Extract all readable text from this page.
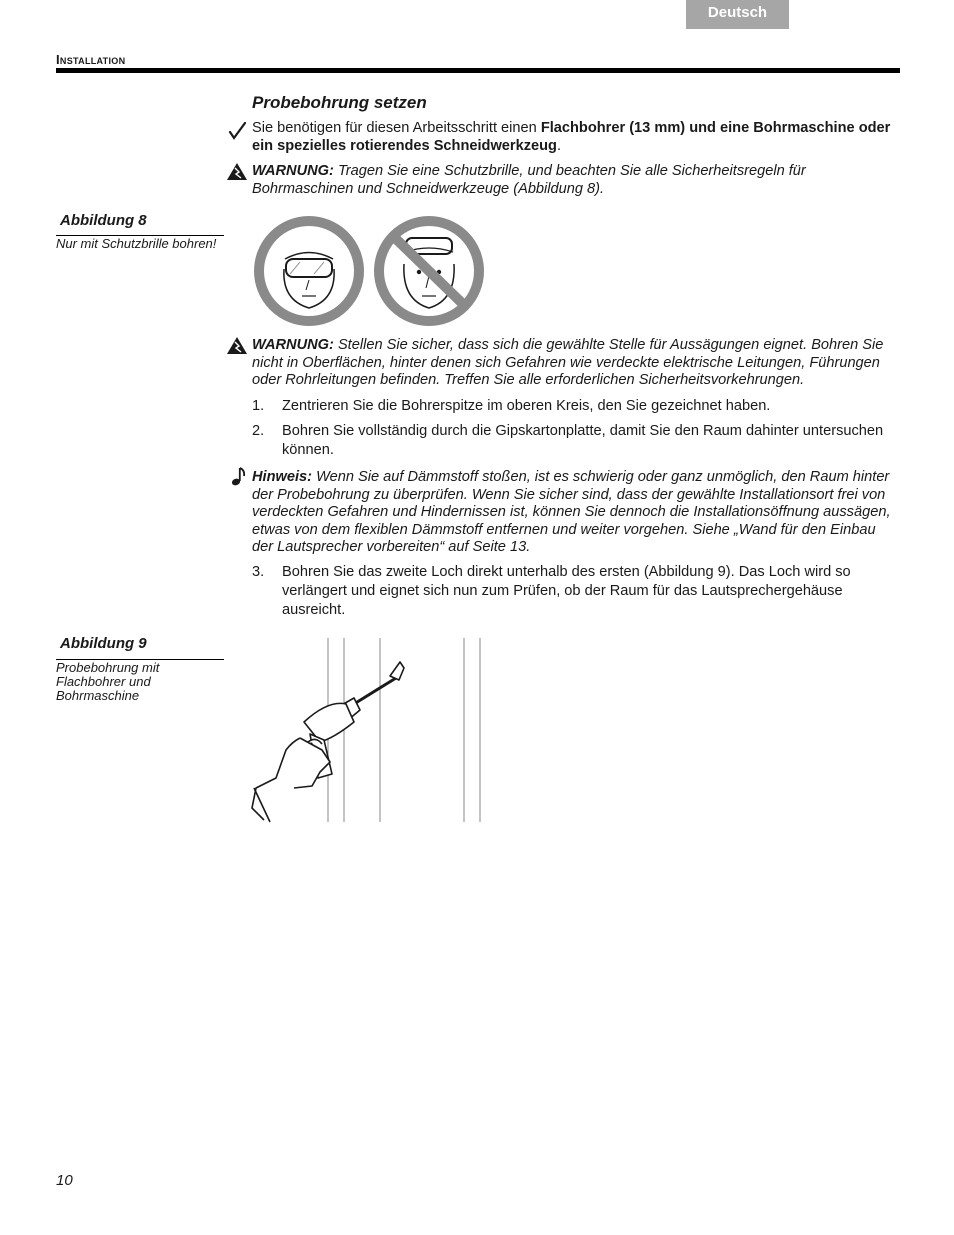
Deutsch
Installation
Probebohrung setzen
Sie benötigen für diesen Arbeitsschritt einen Flachbohrer (13 mm) und eine Bohrmaschine oder ein spezielles rotierendes Schneidwerkzeug.
WARNUNG: Tragen Sie eine Schutzbrille, und beachten Sie alle Sicherheitsregeln für Bohrmaschinen und Schneidwerkzeuge (Abbildung 8).
Abbildung 8
Nur mit Schutzbrille bohren!
WARNUNG: Stellen Sie sicher, dass sich die gewählte Stelle für Aussägungen eignet. Bohren Sie nicht in Oberflächen, hinter denen sich Gefahren wie verdeckte elektrische Leitungen, Führungen oder Rohrleitungen befinden. Treffen Sie alle erforderlichen Sicherheitsvorkehrungen.
1.	Zentrieren Sie die Bohrerspitze im oberen Kreis, den Sie gezeichnet haben.
2.	Bohren Sie vollständig durch die Gipskartonplatte, damit Sie den Raum dahinter untersuchen können.
Hinweis: Wenn Sie auf Dämmstoff stoßen, ist es schwierig oder ganz unmöglich, den Raum hinter der Probebohrung zu überprüfen. Wenn Sie sicher sind, dass der gewählte Installationsort frei von verdeckten Gefahren und Hindernissen ist, können Sie dennoch die Installationsöffnung aussägen, etwas von dem flexiblen Dämmstoff entfernen und weiter vorgehen. Siehe „Wand für den Einbau der Lautsprecher vorbereiten“ auf Seite 13.
3.	Bohren Sie das zweite Loch direkt unterhalb des ersten (Abbildung 9). Das Loch wird so verlängert und eignet sich nun zum Prüfen, ob der Raum für das Lautsprechergehäuse ausreicht.
Abbildung 9
Probebohrung mit Flachbohrer und Bohrmaschine
10
